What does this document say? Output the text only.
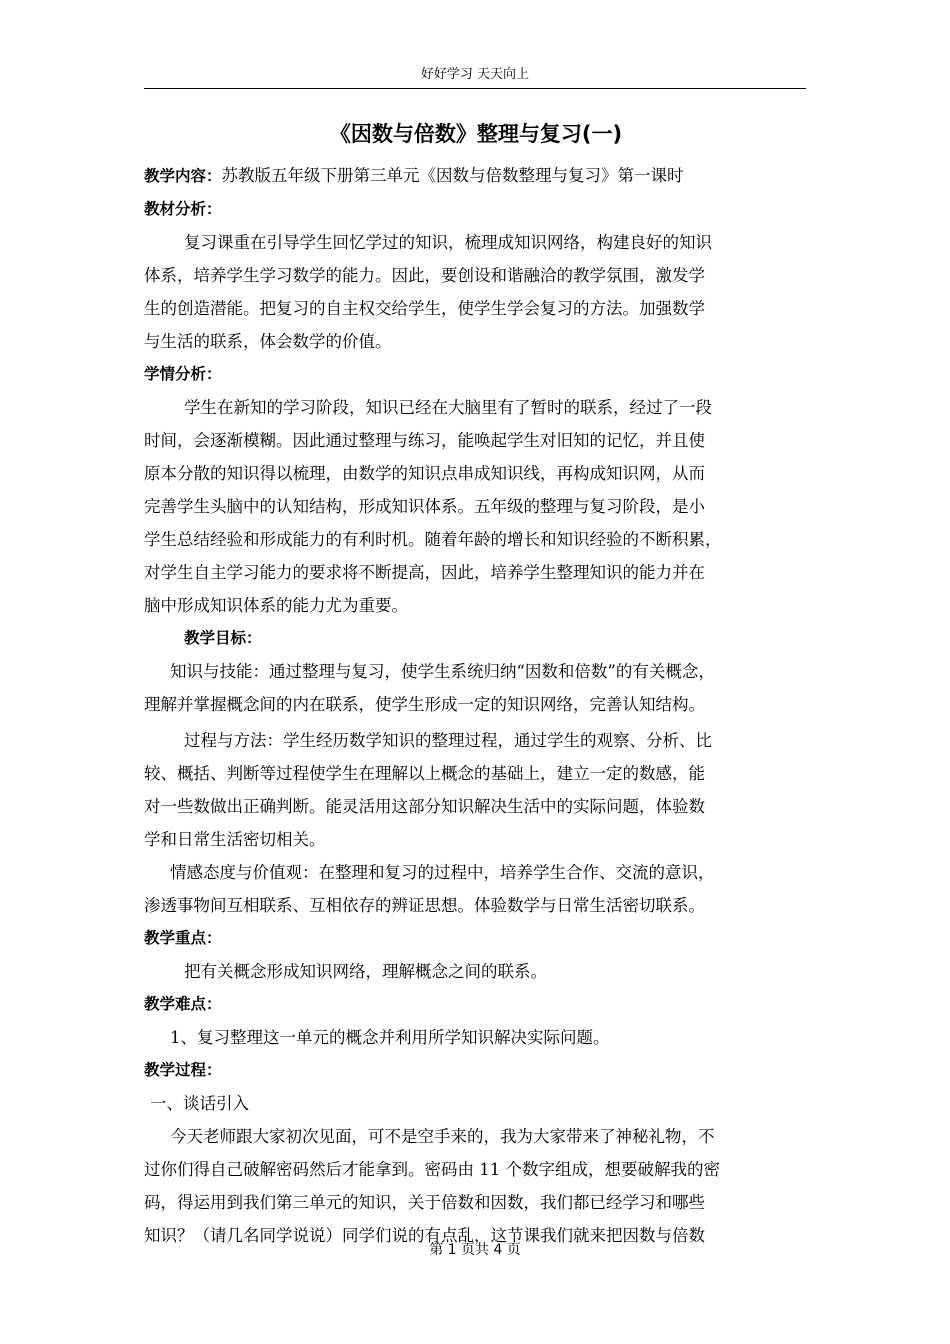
好好学习 天天向上
《因数与倍数》整理与复习(一)

教学内容：苏教版五年级下册第三单元《因数与倍数整理与复习》第一课时

教材分析：

复习课重在引导学生回忆学过的知识，梳理成知识网络，构建良好的知识

体系，培养学生学习数学的能力。因此，要创设和谐融洽的教学氛围，激发学

生的创造潜能。把复习的自主权交给学生，使学生学会复习的方法。加强数学

与生活的联系，体会数学的价值。

学情分析：

学生在新知的学习阶段，知识已经在大脑里有了暂时的联系，经过了一段

时间，会逐渐模糊。因此通过整理与练习，能唤起学生对旧知的记忆，并且使

原本分散的知识得以梳理，由数学的知识点串成知识线，再构成知识网，从而

完善学生头脑中的认知结构，形成知识体系。五年级的整理与复习阶段，是小

学生总结经验和形成能力的有利时机。随着年龄的增长和知识经验的不断积累，

对学生自主学习能力的要求将不断提高，因此，培养学生整理知识的能力并在

脑中形成知识体系的能力尤为重要。

教学目标：

知识与技能：通过整理与复习，使学生系统归纳“因数和倍数”的有关概念，

理解并掌握概念间的内在联系，使学生形成一定的知识网络，完善认知结构。

过程与方法：学生经历数学知识的整理过程，通过学生的观察、分析、比

较、概括、判断等过程使学生在理解以上概念的基础上，建立一定的数感，能

对一些数做出正确判断。能灵活用这部分知识解决生活中的实际问题，体验数

学和日常生活密切相关。

情感态度与价值观：在整理和复习的过程中，培养学生合作、交流的意识，

渗透事物间互相联系、互相依存的辨证思想。体验数学与日常生活密切联系。

教学重点：

把有关概念形成知识网络，理解概念之间的联系。

教学难点：

1、复习整理这一单元的概念并利用所学知识解决实际问题。

教学过程：

一、谈话引入

今天老师跟大家初次见面，可不是空手来的，我为大家带来了神秘礼物，不

过你们得自己破解密码然后才能拿到。密码由 11 个数字组成，想要破解我的密

码，得运用到我们第三单元的知识，关于倍数和因数，我们都已经学习和哪些

知识？（请几名同学说说）同学们说的有点乱，这节课我们就来把因数与倍数

第 1 页共 4 页
